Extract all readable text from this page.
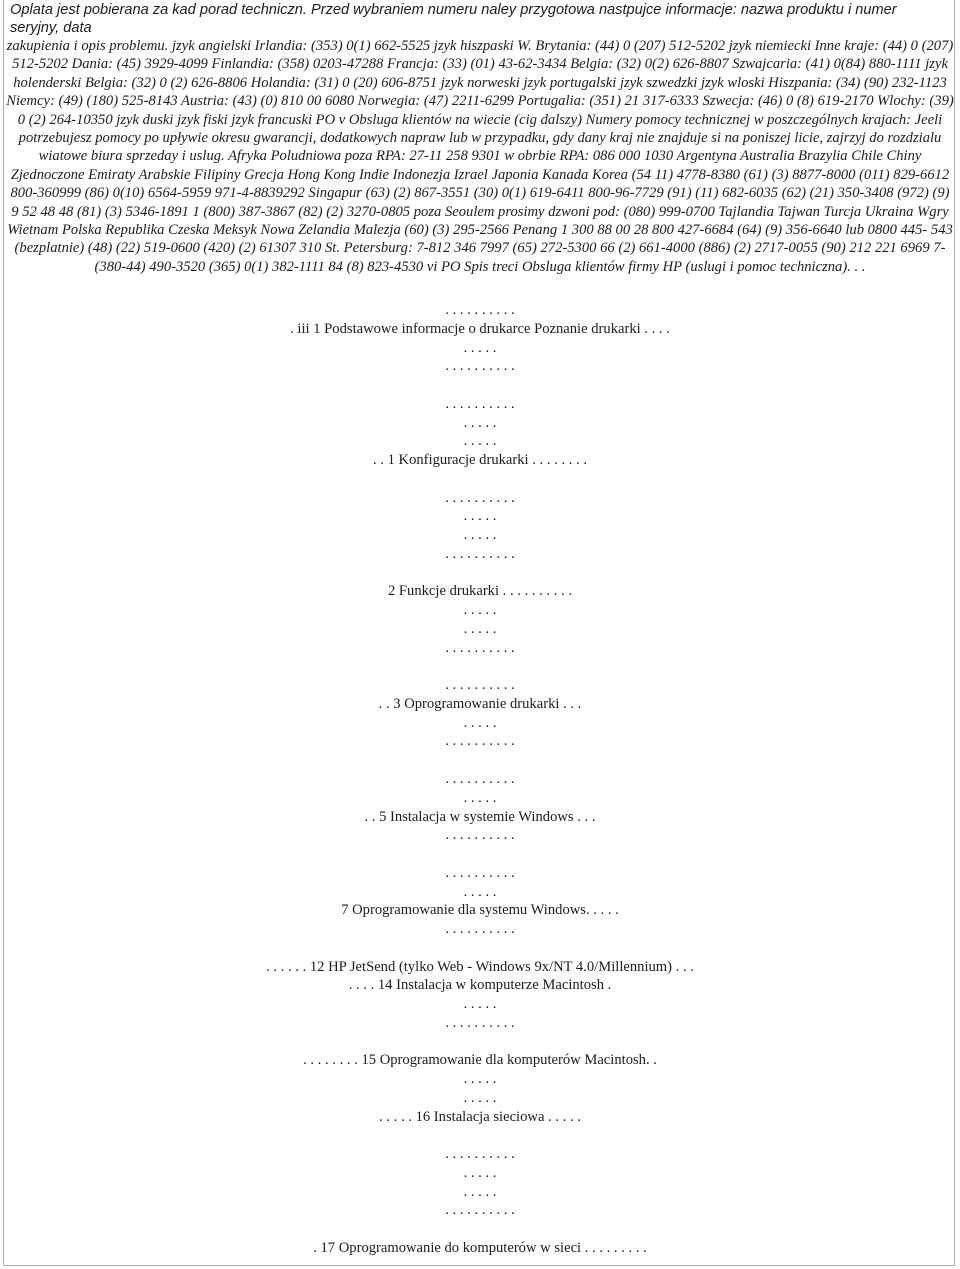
Oplata jest pobierana za kad porad techniczn. Przed wybraniem numeru naley przygotowa nastpujce informacje: nazwa produktu i numer seryjny, data

zakupienia i opis problemu. jzyk angielski Irlandia: (353) 0(1) 662-5525 jzyk hiszpaski W. Brytania: (44) 0 (207) 512-5202 jzyk niemiecki Inne kraje: (44) 0 (207) 512-5202 Dania: (45) 3929-4099 Finlandia: (358) 0203-47288 Francja: (33) (01) 43-62-3434 Belgia: (32) 0(2) 626-8807 Szwajcaria: (41) 0(84) 880-1111 jzyk holenderski Belgia: (32) 0 (2) 626-8806 Holandia: (31) 0 (20) 606-8751 jzyk norweski jzyk portugalski jzyk szwedzki jzyk wloski Hiszpania: (34) (90) 232-1123 Niemcy: (49) (180) 525-8143 Austria: (43) (0) 810 00 6080 Norwegia: (47) 2211-6299 Portugalia: (351) 21 317-6333 Szwecja: (46) 0 (8) 619-2170 Wlochy: (39) 0 (2) 264-10350 jzyk duski jzyk fiski jzyk francuski PO v Obsluga klientów na wiecie (cig dalszy) Numery pomocy technicznej w poszczególnych krajach: Jeeli potrzebujesz pomocy po upływie okresu gwarancji, dodatkowych napraw lub w przypadku, gdy dany kraj nie znajduje si na poniszej licie, zajrzyj do rozdzialu wiatowe biura sprzeday i uslug. Afryka Poludniowa poza RPA: 27-11 258 9301 w obrbie RPA: 086 000 1030 Argentyna Australia Brazylia Chile Chiny Zjednoczone Emiraty Arabskie Filipiny Grecja Hong Kong Indie Indonezja Izrael Japonia Kanada Korea (54 11) 4778-8380 (61) (3) 8877-8000 (011) 829-6612 800-360999 (86) 0(10) 6564-5959 971-4-8839292 Singapur (63) (2) 867-3551 (30) 0(1) 619-6411 800-96-7729 (91) (11) 682-6035 (62) (21) 350-3408 (972) (9) 9 52 48 48 (81) (3) 5346-1891 1 (800) 387-3867 (82) (2) 3270-0805 poza Seoulem prosimy dzwoni pod: (080) 999-0700 Tajlandia Tajwan Turcja Ukraina Wgry Wietnam Polska Republika Czeska Meksyk Nowa Zelandia Malezja (60) (3) 295-2566 Penang 1 300 88 00 28 800 427-6684 (64) (9) 356-6640 lub 0800 445- 543 (bezplatnie) (48) (22) 519-0600 (420) (2) 61307 310 St. Petersburg: 7-812 346 7997 (65) 272-5300 66 (2) 661-4000 (886) (2) 2717-0055 (90) 212 221 6969 7- (380-44) 490-3520 (365) 0(1) 382-1111 84 (8) 823-4530 vi PO Spis treci Obsluga klientów firmy HP (uslugi i pomoc techniczna). . .

. . . . . . . . . .
. iii 1 Podstawowe informacje o drukarce Poznanie drukarki . . . .
. . . . .
. . . . . . . . . .
. . . . . . . . . .
. . . . .
. . . . .
. . 1 Konfiguracje drukarki . . . . . . . .
. . . . . . . . . .
. . . . .
. . . . .
. . . . . . . . . .
2 Funkcje drukarki . . . . . . . . . .
. . . . .
. . . . .
. . . . . . . . . .
. . . . . . . . . .
. . 3 Oprogramowanie drukarki . . .
. . . . .
. . . . . . . . . .
. . . . . . . . . .
. . . . .
. . 5 Instalacja w systemie Windows . . .
. . . . . . . . . .
. . . . . . . . . .
. . . . .
7 Oprogramowanie dla systemu Windows. . . . .
. . . . . . . . . .
. . . . . . 12 HP JetSend (tylko Web - Windows 9x/NT 4.0/Millennium) . . .
. . . . 14 Instalacja w komputerze Macintosh .
. . . . .
. . . . . . . . . .
. . . . . . . . 15 Oprogramowanie dla komputerów Macintosh. .
. . . . .
. . . . .
. . . . . 16 Instalacja sieciowa . . . . .
. . . . . . . . . .
. . . . .
. . . . .
. . . . . . . . . .
. 17 Oprogramowanie do komputerów w sieci . . . . . . . . .
